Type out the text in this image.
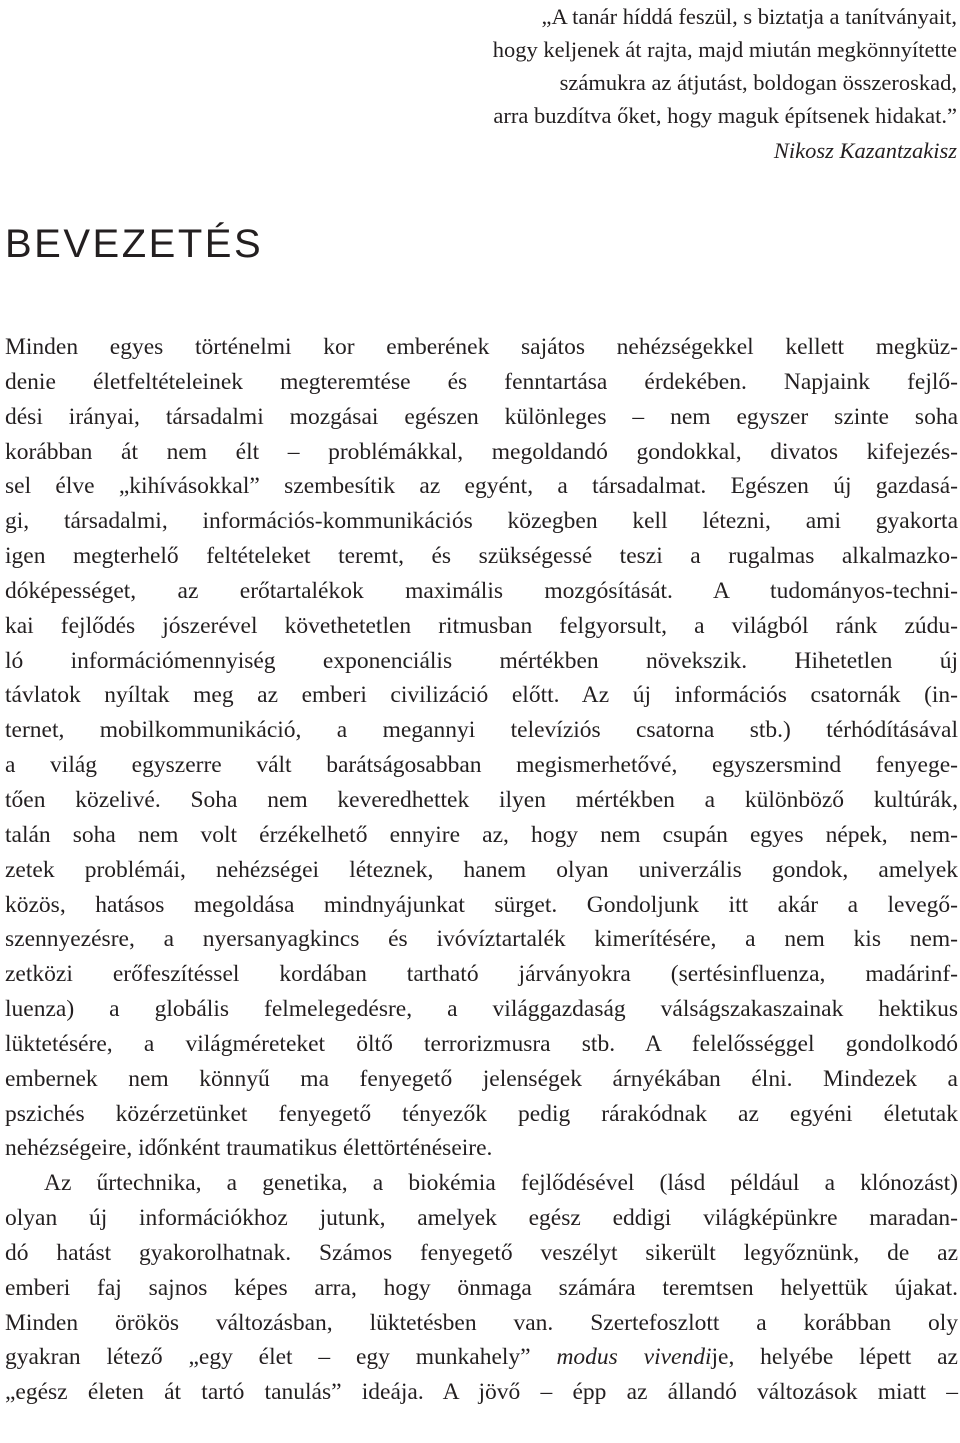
„A tanár híddá feszül, s biztatja a tanítványait,
hogy keljenek át rajta, majd miután megkönnyítette
számukra az átjutást, boldogan összeroskad,
arra buzdítva őket, hogy maguk építsenek hidakat.”
Nikosz Kazantzakisz
BEVEZETÉS
Minden egyes történelmi kor emberének sajátos nehézségekkel kellett megküz-
denie életfeltételeinek megteremtése és fenntartása érdekében. Napjaink fejlő-
dési irányai, társadalmi mozgásai egészen különleges – nem egyszer szinte soha
korábban át nem élt – problémákkal, megoldandó gondokkal, divatos kifejezés-
sel élve „kihívásokkal” szembesítik az egyént, a társadalmat. Egészen új gazdasá-
gi, társadalmi, információs-kommunikációs közegben kell létezni, ami gyakorta
igen megterhelő feltételeket teremt, és szükségessé teszi a rugalmas alkalmazko-
dóképességet, az erőtartalékok maximális mozgósítását. A tudományos-techni-
kai fejlődés jószerével követhetetlen ritmusban felgyorsult, a világból ránk zúdu-
ló információmennyiség exponenciális mértékben növekszik. Hihetetlen új
távlatok nyíltak meg az emberi civilizáció előtt. Az új információs csatornák (in-
ternet, mobilkommunikáció, a megannyi televíziós csatorna stb.) térhódításával
a világ egyszerre vált barátságosabban megismerhetővé, egyszersmind fenyege-
tően közelivé. Soha nem keveredhettek ilyen mértékben a különböző kultúrák,
talán soha nem volt érzékelhető ennyire az, hogy nem csupán egyes népek, nem-
zetek problémái, nehézségei léteznek, hanem olyan univerzális gondok, amelyek
közös, hatásos megoldása mindnyájunkat sürget. Gondoljunk itt akár a levegő-
szennyezésre, a nyersanyagkincs és ivóvíztartalék kimerítésére, a nem kis nem-
zetközi erőfeszítéssel kordában tartható járványokra (sertésinfluenza, madárinf-
luenza) a globális felmelegedésre, a világgazdaság válságszakaszainak hektikus
lüktetésére, a világméreteket öltő terrorizmusra stb. A felelősséggel gondolkodó
embernek nem könnyű ma fenyegető jelenségek árnyékában élni. Mindezek a
pszichés közérzetünket fenyegető tényezők pedig rárakódnak az egyéni életutak
nehézségeire, időnként traumatikus élettörténéseire.
Az űrtechnika, a genetika, a biokémia fejlődésével (lásd például a klónozást)
olyan új információkhoz jutunk, amelyek egész eddigi világképünkre maradan-
dó hatást gyakorolhatnak. Számos fenyegető veszélyt sikerült legyőznünk, de az
emberi faj sajnos képes arra, hogy önmaga számára teremtsen helyettük újakat.
Minden örökös változásban, lüktetésben van. Szertefoszlott a korábban oly
gyakran létező „egy élet – egy munkahely” modus vivendije, helyébe lépett az
„egész életen át tartó tanulás” ideája. A jövő – épp az állandó változások miatt –
